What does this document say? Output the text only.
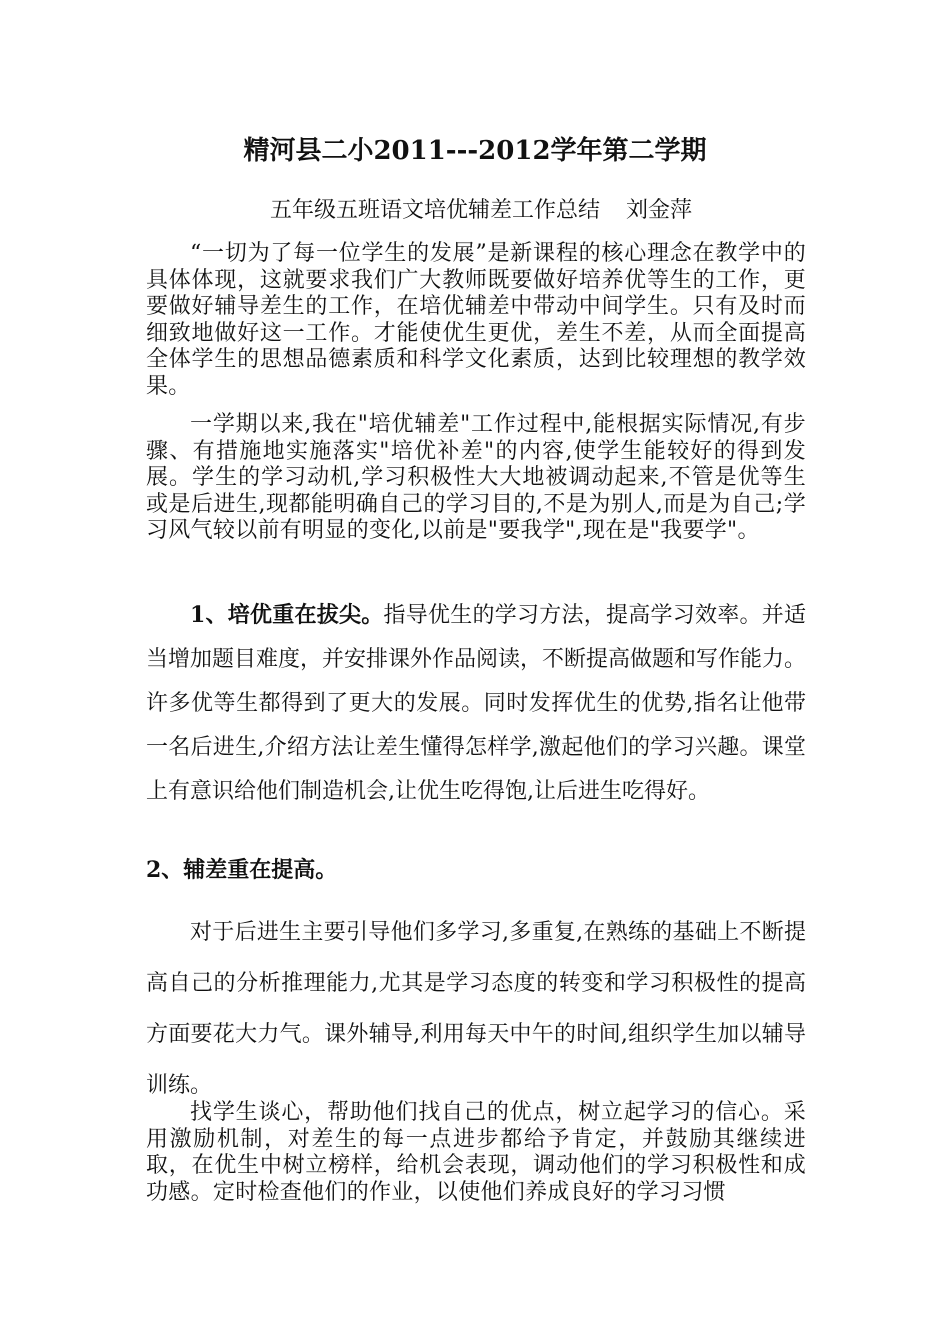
精河县二小2011---2012学年第二学期
五年级五班语文培优辅差工作总结 刘金萍

“一切为了每一位学生的发展”是新课程的核心理念在教学中的具体体现，这就要求我们广大教师既要做好培养优等生的工作，更要做好辅导差生的工作，在培优辅差中带动中间学生。只有及时而细致地做好这一工作。才能使优生更优，差生不差，从而全面提高全体学生的思想品德素质和科学文化素质，达到比较理想的教学效果。

一学期以来,我在"培优辅差"工作过程中,能根据实际情况,有步骤、有措施地实施落实"培优补差"的内容,使学生能较好的得到发展。学生的学习动机,学习积极性大大地被调动起来,不管是优等生或是后进生,现都能明确自己的学习目的,不是为别人,而是为自己;学习风气较以前有明显的变化,以前是"要我学",现在是"我要学"。

1、培优重在拔尖。指导优生的学习方法，提高学习效率。并适当增加题目难度，并安排课外作品阅读，不断提高做题和写作能力。许多优等生都得到了更大的发展。同时发挥优生的优势,指名让他带一名后进生,介绍方法让差生懂得怎样学,激起他们的学习兴趣。课堂上有意识给他们制造机会,让优生吃得饱,让后进生吃得好。

2、辅差重在提高。

对于后进生主要引导他们多学习,多重复,在熟练的基础上不断提高自己的分析推理能力,尤其是学习态度的转变和学习积极性的提高方面要花大力气。课外辅导,利用每天中午的时间,组织学生加以辅导训练。

找学生谈心，帮助他们找自己的优点，树立起学习的信心。采用激励机制，对差生的每一点进步都给予肯定，并鼓励其继续进取，在优生中树立榜样，给机会表现，调动他们的学习积极性和成功感。定时检查他们的作业，以使他们养成良好的学习习惯
